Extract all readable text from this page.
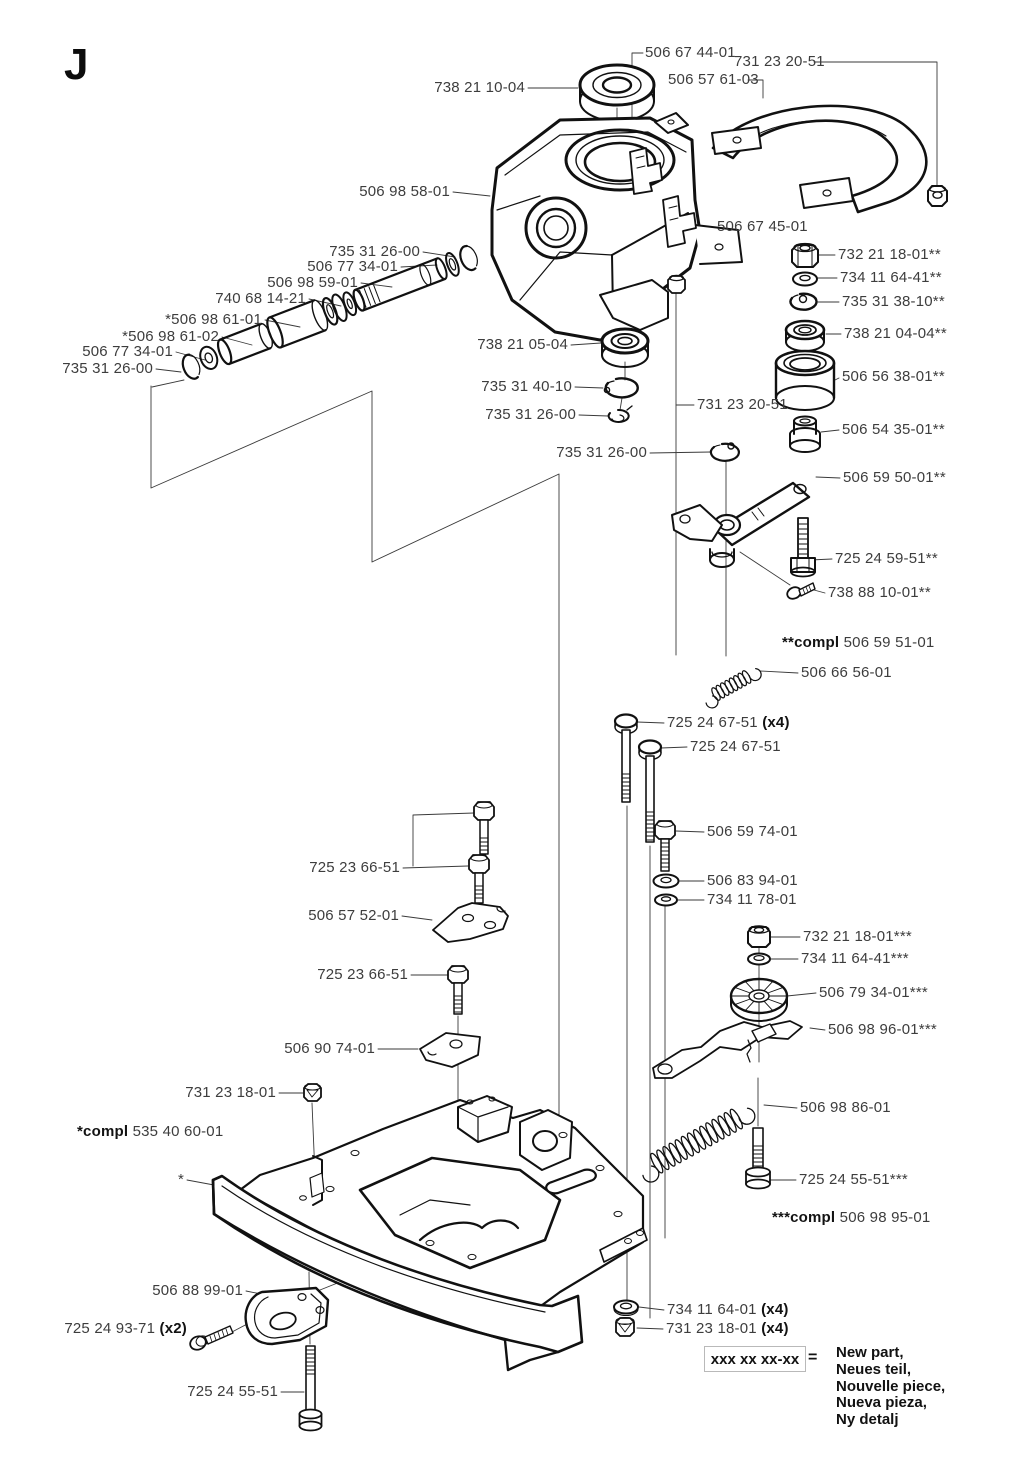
J	738 21 10-04
506 67 44-01
731 23 20-51
506 57 61-03
506 98 58-01
506 67 45-01
735 31 26-00
506 77 34-01
506 98 59-01
740 68 14-21
*506 98 61-01
*506 98 61-02
506 77 34-01
735 31 26-00
732 21 18-01**
734 11 64-41**
735 31 38-10**
738 21 04-04**
738 21 05-04
506 56 38-01**
735 31 40-10
731 23 20-51
735 31 26-00
506 54 35-01**
735 31 26-00
506 59 50-01**
725 24 59-51**
738 88 10-01**
**compl 506 59 51-01
506 66 56-01
725 24 67-51 (x4)
725 24 67-51
506 59 74-01
725 23 66-51
506 83 94-01
734 11 78-01
506 57 52-01
732 21 18-01***
734 11 64-41***
725 23 66-51
506 79 34-01***
506 98 96-01***
506 90 74-01
731 23 18-01
506 98 86-01
*compl 535 40 60-01
725 24 55-51***
*
***compl 506 98 95-01
506 88 99-01
734 11 64-01 (x4)
725 24 93-71 (x2)	731 23 18-01 (x4)
725 24 55-51
xxx xx xx-xx = New part,
Neues teil,
Nouvelle piece,
Nueva pieza,
Ny detalj
